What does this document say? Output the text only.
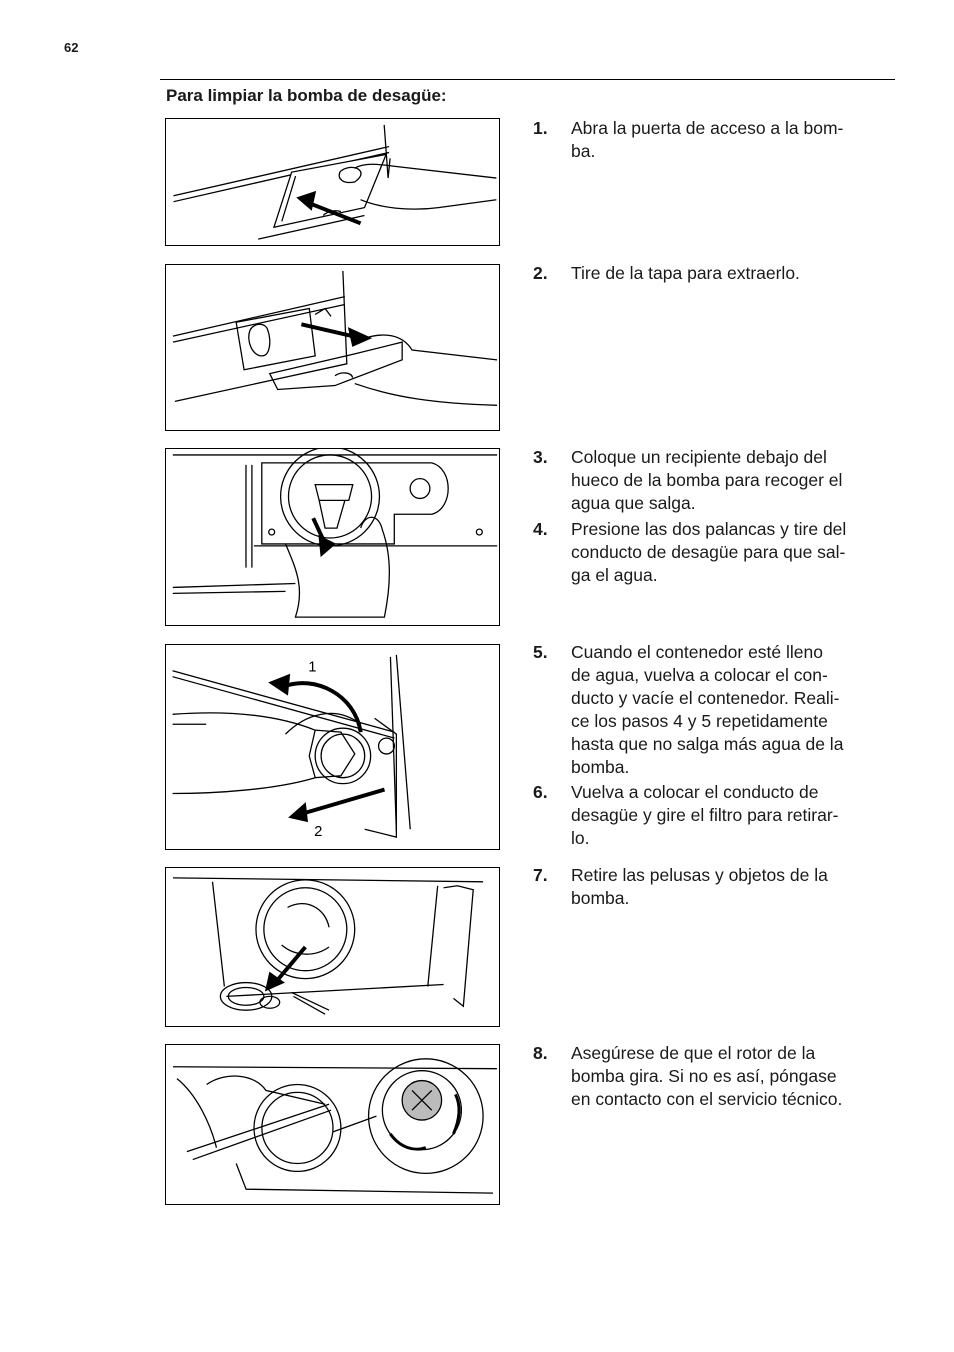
62
Para limpiar la bomba de desagüe:
1
2
1.	Abra la puerta de acceso a la bom-
ba.
2.	Tire de la tapa para extraerlo.
3.	Coloque un recipiente debajo del
hueco de la bomba para recoger el
agua que salga.
4.	Presione las dos palancas y tire del
conducto de desagüe para que sal-
ga el agua.
5.	Cuando el contenedor esté lleno
de agua, vuelva a colocar el con-
ducto y vacíe el contenedor. Reali-
ce los pasos 4 y 5 repetidamente
hasta que no salga más agua de la
bomba.
6.	Vuelva a colocar el conducto de
desagüe y gire el filtro para retirar-
lo.
7.	Retire las pelusas y objetos de la
bomba.
8.	Asegúrese de que el rotor de la
bomba gira. Si no es así, póngase
en contacto con el servicio técnico.
